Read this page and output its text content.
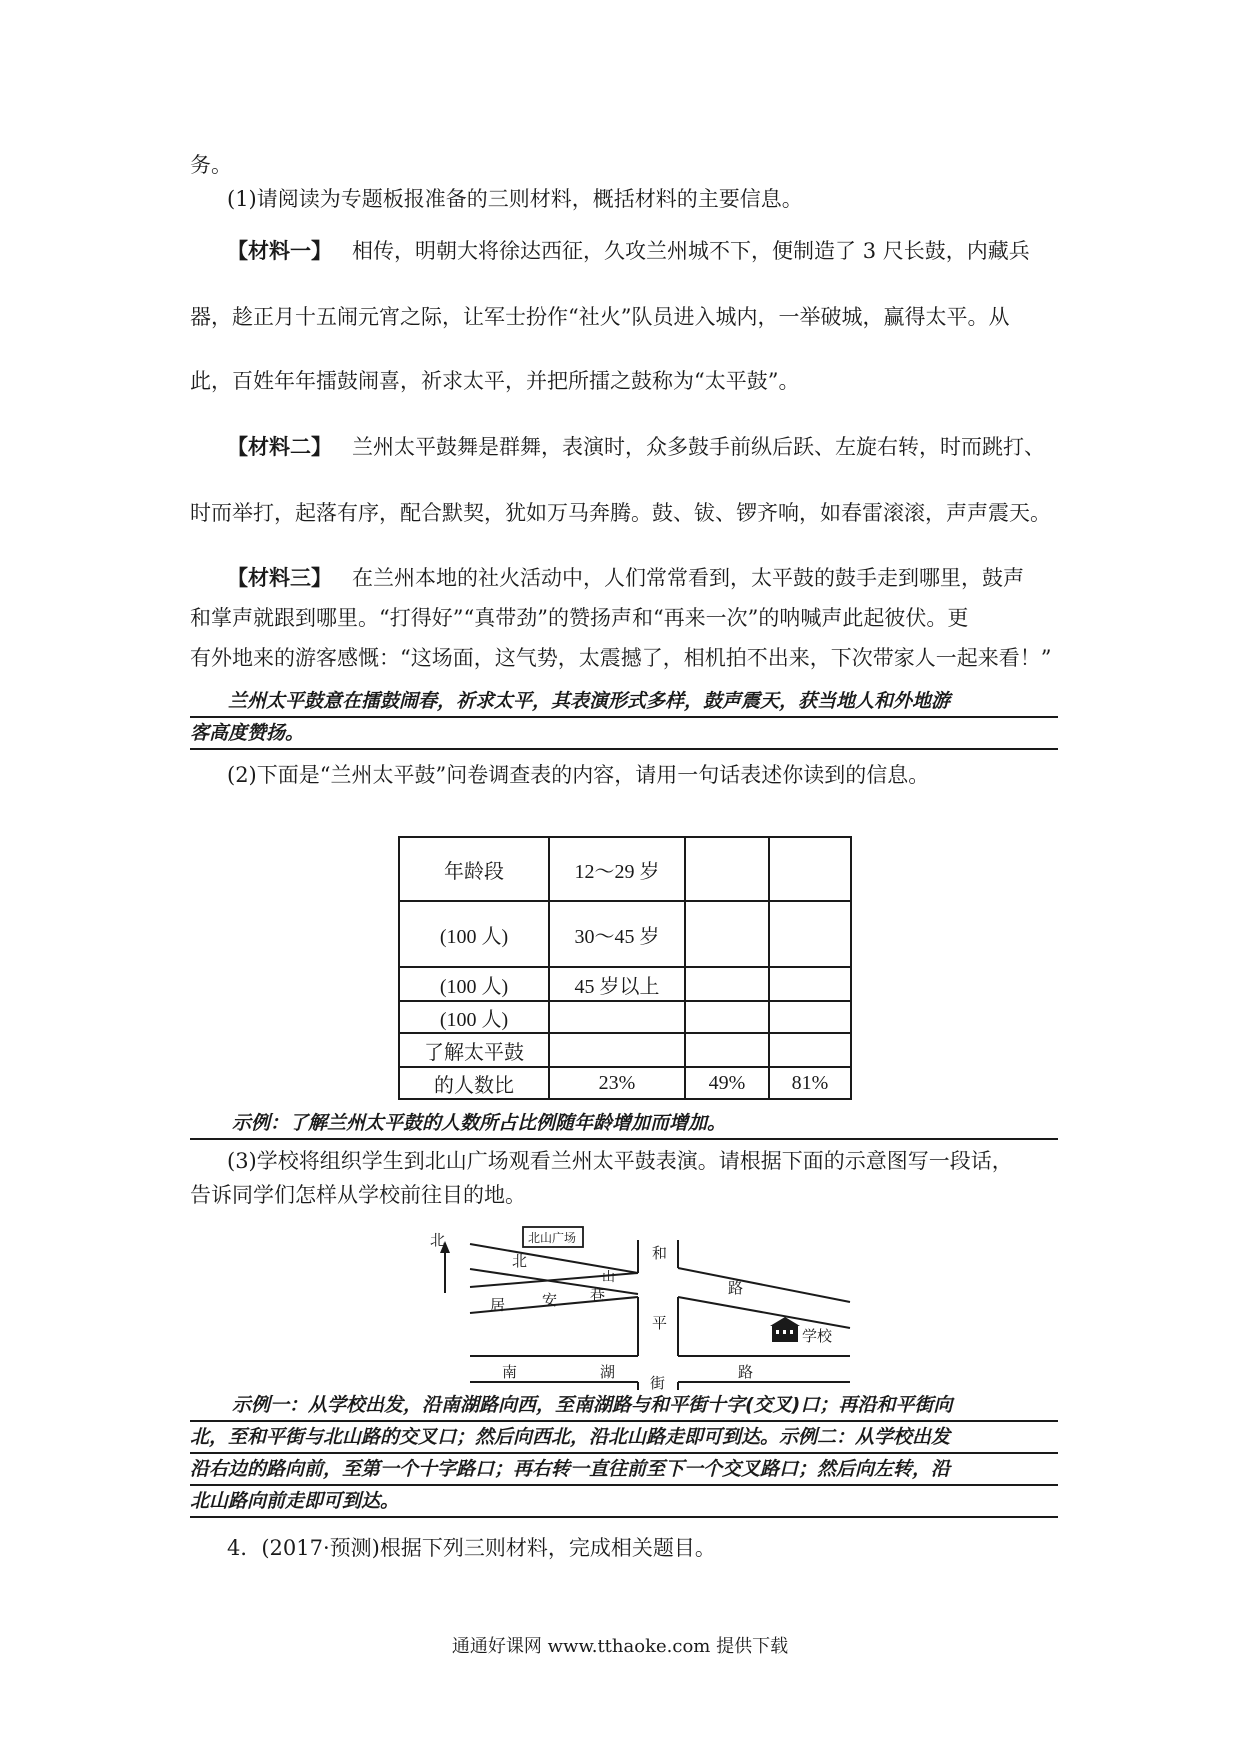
务。
(1)请阅读为专题板报准备的三则材料，概括材料的主要信息。
【材料一】 相传，明朝大将徐达西征，久攻兰州城不下，便制造了 3 尺长鼓，内藏兵
器，趁正月十五闹元宵之际，让军士扮作“社火”队员进入城内，一举破城，赢得太平。从
此，百姓年年擂鼓闹喜，祈求太平，并把所擂之鼓称为“太平鼓”。
【材料二】 兰州太平鼓舞是群舞，表演时，众多鼓手前纵后跃、左旋右转，时而跳打、
时而举打，起落有序，配合默契，犹如万马奔腾。鼓、钹、锣齐响，如春雷滚滚，声声震天。
【材料三】 在兰州本地的社火活动中，人们常常看到，太平鼓的鼓手走到哪里，鼓声
和掌声就跟到哪里。“打得好”“真带劲”的赞扬声和“再来一次”的呐喊声此起彼伏。更
有外地来的游客感慨：“这场面，这气势，太震撼了，相机拍不出来，下次带家人一起来看！”
兰州太平鼓意在擂鼓闹春，祈求太平，其表演形式多样，鼓声震天，获当地人和外地游
客高度赞扬。
(2)下面是“兰州太平鼓”问卷调查表的内容，请用一句话表述你读到的信息。
年龄段	12～29 岁		
(100 人)	30～45 岁		
(100 人)	45 岁以上		
(100 人)			
了解太平鼓			
的人数比	23%	49%	81%
示例：了解兰州太平鼓的人数所占比例随年龄增加而增加。
(3)学校将组织学生到北山广场观看兰州太平鼓表演。请根据下面的示意图写一段话，
告诉同学们怎样从学校前往目的地。
北	北山广场
北
山
路
居 安 巷
和
平
街
南	湖	路
学校
示例一：从学校出发，沿南湖路向西，至南湖路与和平街十字(交叉)口；再沿和平街向
北，至和平街与北山路的交叉口；然后向西北，沿北山路走即可到达。示例二：从学校出发
沿右边的路向前，至第一个十字路口；再右转一直往前至下一个交叉路口；然后向左转，沿
北山路向前走即可到达。
4．(2017·预测)根据下列三则材料，完成相关题目。
通通好课网 www.tthaoke.com 提供下载
